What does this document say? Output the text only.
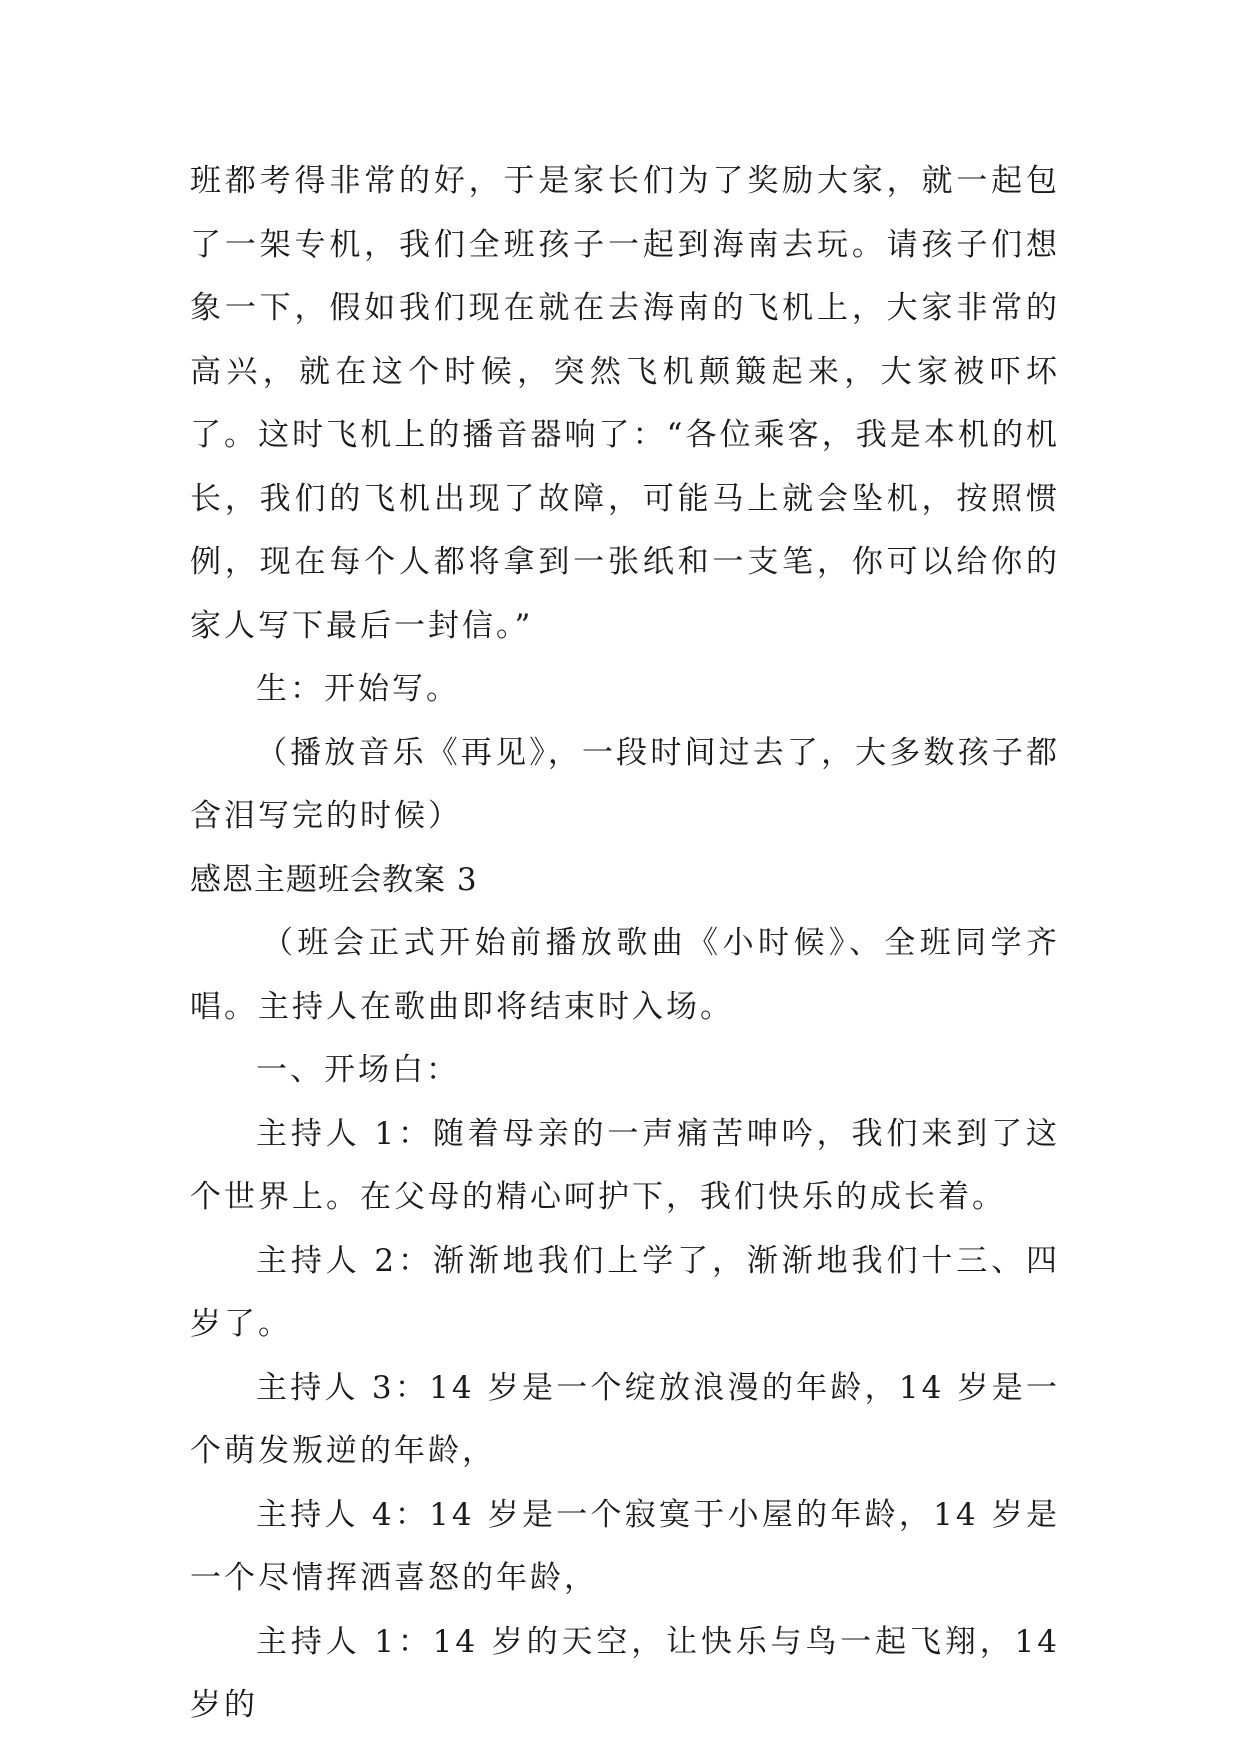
班都考得非常的好，于是家长们为了奖励大家，就一起包了一架专机，我们全班孩子一起到海南去玩。请孩子们想象一下，假如我们现在就在去海南的飞机上，大家非常的高兴，就在这个时候，突然飞机颠簸起来，大家被吓坏了。这时飞机上的播音器响了：“各位乘客，我是本机的机长，我们的飞机出现了故障，可能马上就会坠机，按照惯例，现在每个人都将拿到一张纸和一支笔，你可以给你的家人写下最后一封信。”

生：开始写。

（播放音乐《再见》，一段时间过去了，大多数孩子都含泪写完的时候）

感恩主题班会教案 3

（班会正式开始前播放歌曲《小时候》、全班同学齐唱。主持人在歌曲即将结束时入场。

一、开场白：

主持人 1：随着母亲的一声痛苦呻吟，我们来到了这个世界上。在父母的精心呵护下，我们快乐的成长着。

主持人 2：渐渐地我们上学了，渐渐地我们十三、四岁了。

主持人 3：14 岁是一个绽放浪漫的年龄，14 岁是一个萌发叛逆的年龄，

主持人 4：14 岁是一个寂寞于小屋的年龄，14 岁是一个尽情挥洒喜怒的年龄，

主持人 1：14 岁的天空，让快乐与鸟一起飞翔，14 岁的
